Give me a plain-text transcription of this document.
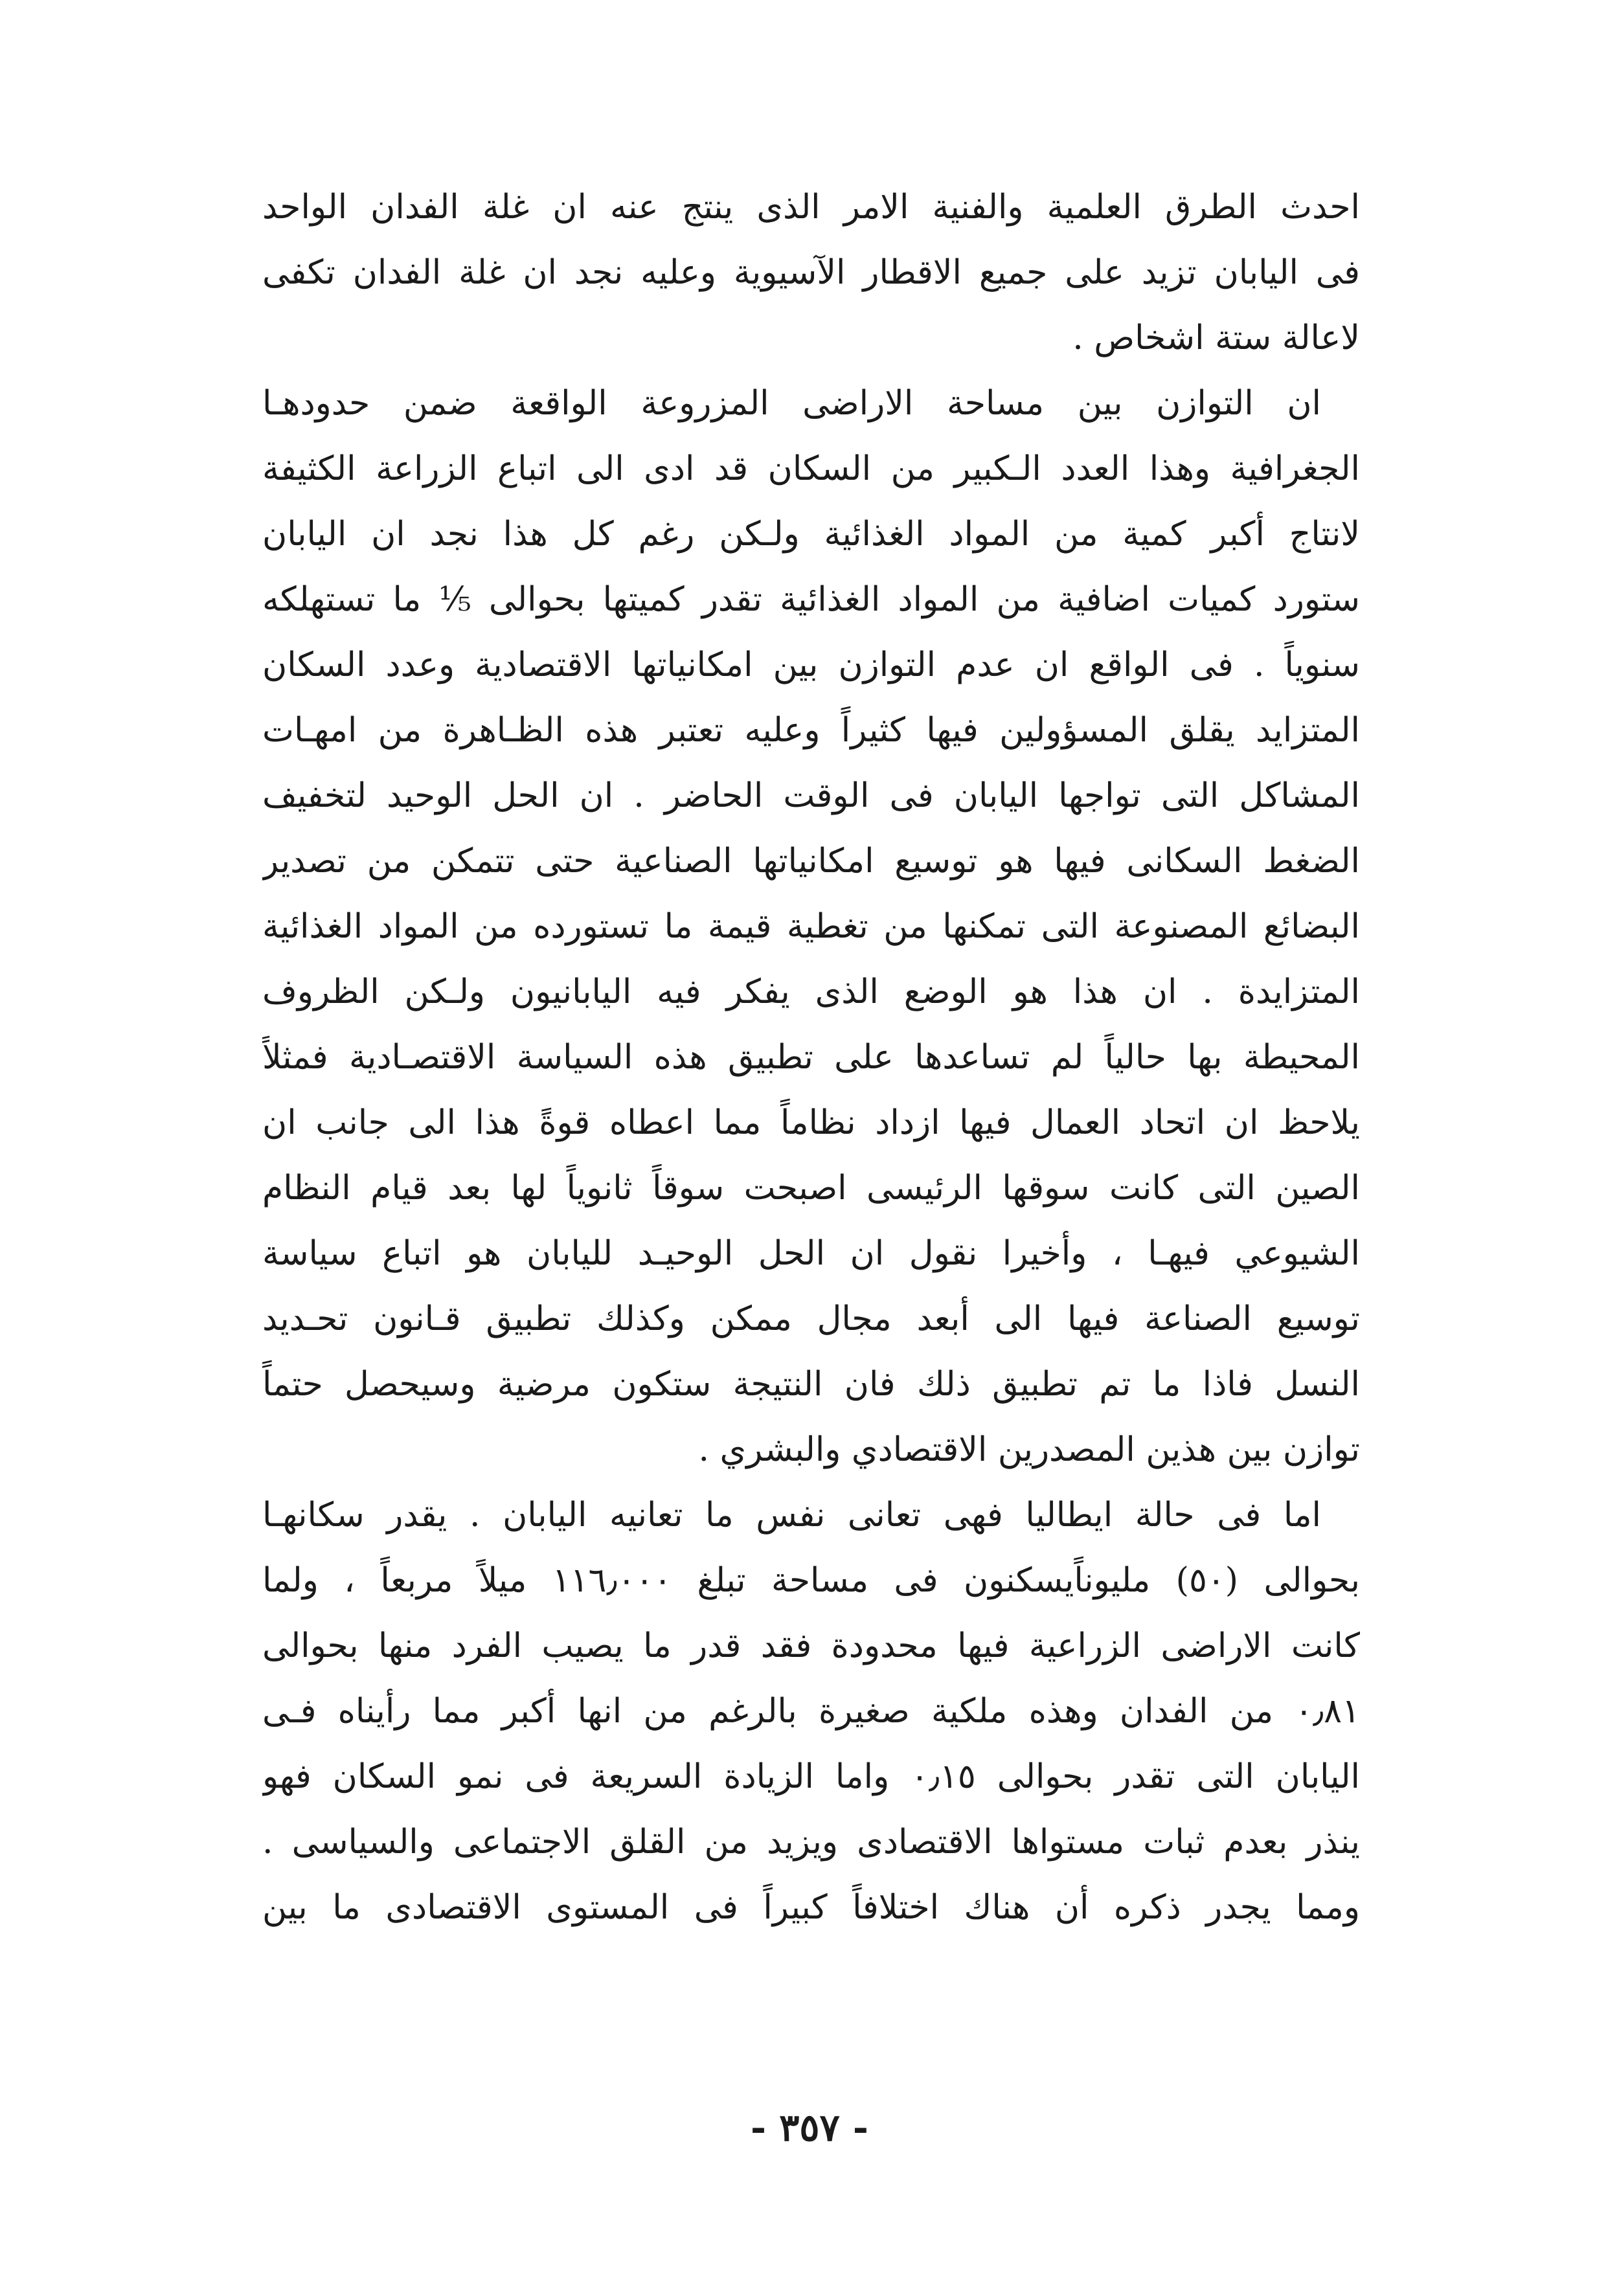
احدث الطرق العلمية والفنية الامر الذى ينتج عنه ان غلة الفدان الواحد
فى اليابان تزيد على جميع الاقطار الآسيوية وعليه نجد ان غلة الفدان تكفى
لاعالة ستة اشخاص .
ان التوازن بين مساحة الاراضى المزروعة الواقعة ضمن حدودهـا
الجغرافية وهذا العدد الـكبير من السكان قد ادى الى اتباع الزراعة الكثيفة
لانتاج أكبر كمية من المواد الغذائية ولـكن رغم كل هذا نجد ان اليابان
ستورد كميات اضافية من المواد الغذائية تقدر كميتها بحوالى ⅕ ما تستهلكه
سنوياً . فى الواقع ان عدم التوازن بين امكانياتها الاقتصادية وعدد السكان
المتزايد يقلق المسؤولين فيها كثيراً وعليه تعتبر هذه الظـاهرة من امهـات
المشاكل التى تواجها اليابان فى الوقت الحاضر . ان الحل الوحيد لتخفيف
الضغط السكانى فيها هو توسيع امكانياتها الصناعية حتى تتمكن من تصدير
البضائع المصنوعة التى تمكنها من تغطية قيمة ما تستورده من المواد الغذائية
المتزايدة . ان هذا هو الوضع الذى يفكر فيه اليابانيون ولـكن الظروف
المحيطة بها حالياً لم تساعدها على تطبيق هذه السياسة الاقتصـادية فمثلاً
يلاحظ ان اتحاد العمال فيها ازداد نظاماً مما اعطاه قوةً هذا الى جانب ان
الصين التى كانت سوقها الرئيسى اصبحت سوقاً ثانوياً لها بعد قيام النظام
الشيوعي فيهـا ، وأخيرا نقول ان الحل الوحيـد لليابان هو اتباع سياسة
توسيع الصناعة فيها الى أبعد مجال ممكن وكذلك تطبيق قـانون تحـديد
النسل فاذا ما تم تطبيق ذلك فان النتيجة ستكون مرضية وسيحصل حتماً
توازن بين هذين المصدرين الاقتصادي والبشري .
اما فى حالة ايطاليا فهى تعانى نفس ما تعانيه اليابان . يقدر سكانهـا
بحوالى (٥٠) مليوناًيسكنون فى مساحة تبلغ ١١٦٫٠٠٠ ميلاً مربعاً ، ولما
كانت الاراضى الزراعية فيها محدودة فقد قدر ما يصيب الفرد منها بحوالى
٠٫٨١ من الفدان وهذه ملكية صغيرة بالرغم من انها أكبر مما رأيناه فـى
اليابان التى تقدر بحوالى ٠٫١٥ واما الزيادة السريعة فى نمو السكان فهو
ينذر بعدم ثبات مستواها الاقتصادى ويزيد من القلق الاجتماعى والسياسى .
ومما يجدر ذكره أن هناك اختلافاً كبيراً فى المستوى الاقتصادى ما بين
- ٣٥٧ -
